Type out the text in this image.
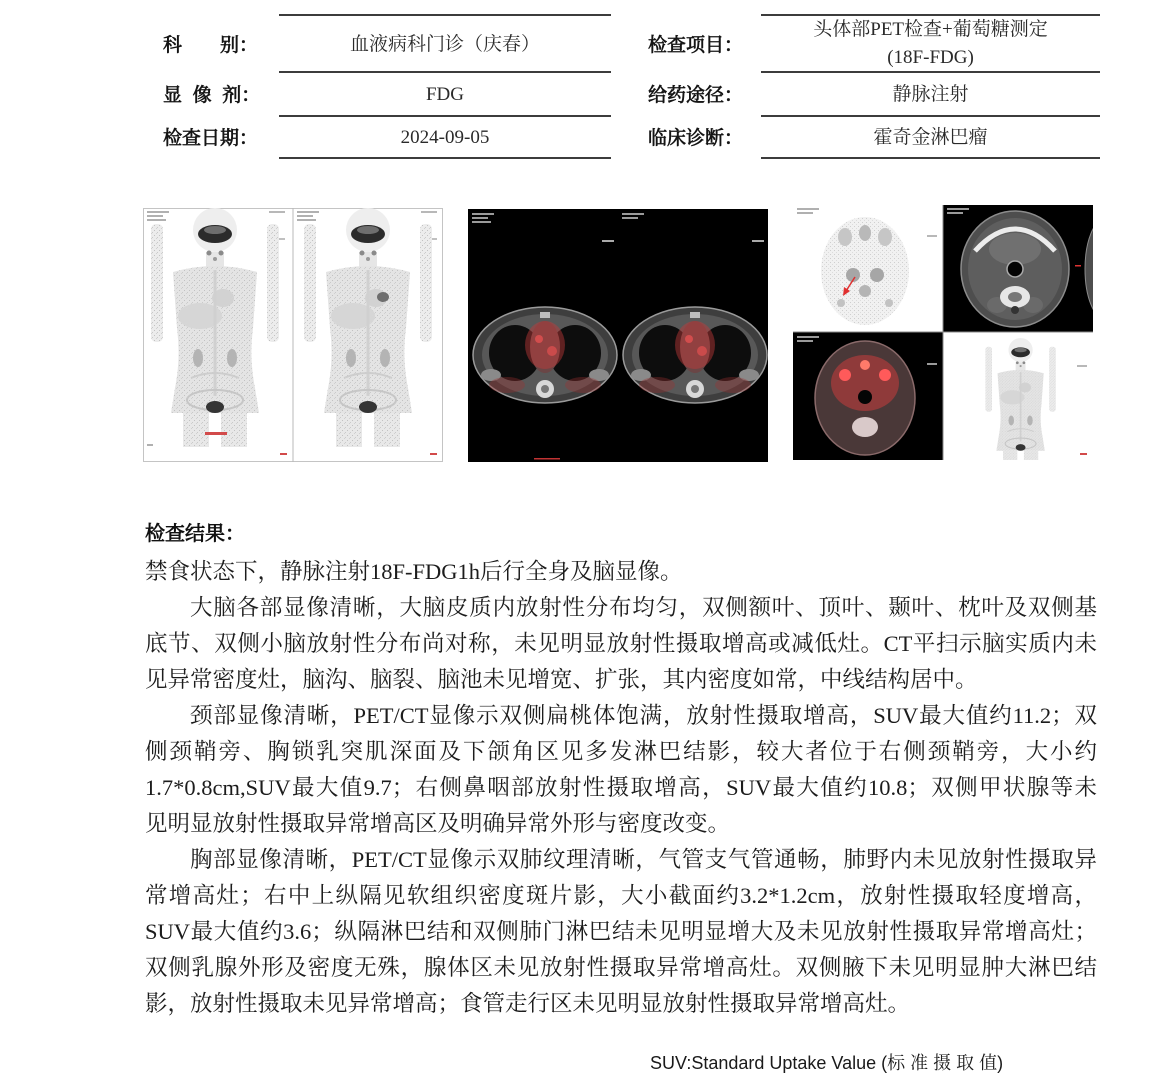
科　　别：	血液病科门诊（庆春）	检查项目：
头体部PET检查+葡萄糖测定
(18F-FDG)
显 像 剂：	FDG	给药途径：	静脉注射
检查日期：	2024-09-05	临床诊断：	霍奇金淋巴瘤
检查结果：
禁食状态下，静脉注射18F-FDG1h后行全身及脑显像。
大脑各部显像清晰，大脑皮质内放射性分布均匀，双侧额叶、顶叶、颞叶、枕叶及双侧基
底节、双侧小脑放射性分布尚对称，未见明显放射性摄取增高或减低灶。CT平扫示脑实质内未
见异常密度灶，脑沟、脑裂、脑池未见增宽、扩张，其内密度如常，中线结构居中。
颈部显像清晰，PET/CT显像示双侧扁桃体饱满，放射性摄取增高，SUV最大值约11.2；双
侧颈鞘旁、胸锁乳突肌深面及下颌角区见多发淋巴结影，较大者位于右侧颈鞘旁，大小约
1.7*0.8cm,SUV最大值9.7；右侧鼻咽部放射性摄取增高，SUV最大值约10.8；双侧甲状腺等未
见明显放射性摄取异常增高区及明确异常外形与密度改变。
胸部显像清晰，PET/CT显像示双肺纹理清晰，气管支气管通畅，肺野内未见放射性摄取异
常增高灶；右中上纵隔见软组织密度斑片影，大小截面约3.2*1.2cm，放射性摄取轻度增高，
SUV最大值约3.6；纵隔淋巴结和双侧肺门淋巴结未见明显增大及未见放射性摄取异常增高灶；
双侧乳腺外形及密度无殊，腺体区未见放射性摄取异常增高灶。双侧腋下未见明显肿大淋巴结
影，放射性摄取未见异常增高；食管走行区未见明显放射性摄取异常增高灶。
SUV:Standard Uptake Value (标 准 摄 取 值)
